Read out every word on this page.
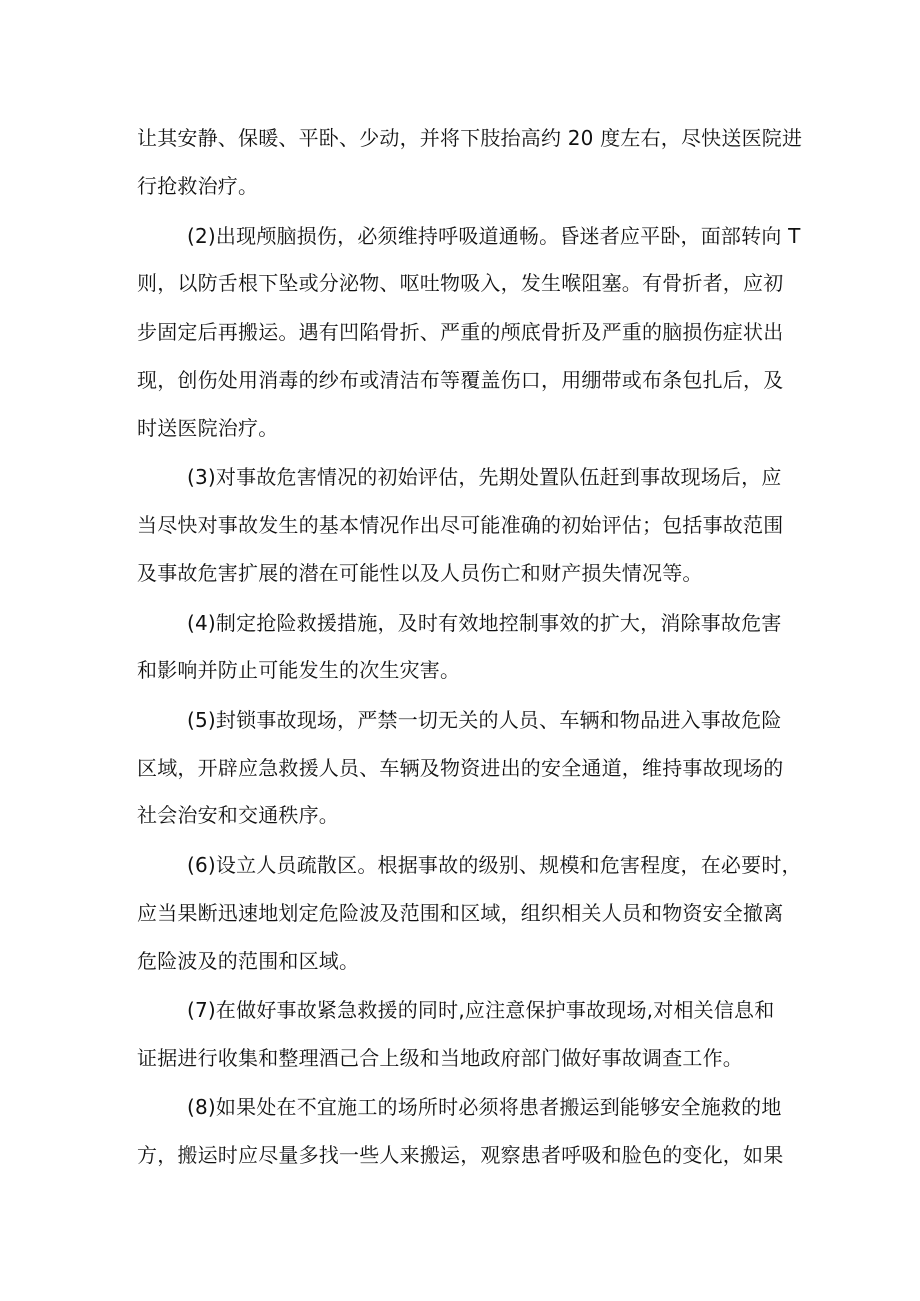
让其安静、保暖、平卧、少动，并将下肢抬高约 20 度左右，尽快送医院进
行抢救治疗。
(2)出现颅脑损伤，必须维持呼吸道通畅。昏迷者应平卧，面部转向 T
则，以防舌根下坠或分泌物、呕吐物吸入，发生喉阻塞。有骨折者，应初
步固定后再搬运。遇有凹陷骨折、严重的颅底骨折及严重的脑损伤症状出
现，创伤处用消毒的纱布或清洁布等覆盖伤口，用绷带或布条包扎后，及
时送医院治疗。
(3)对事故危害情况的初始评估，先期处置队伍赶到事故现场后，应
当尽快对事故发生的基本情况作出尽可能准确的初始评估；包括事故范围
及事故危害扩展的潜在可能性以及人员伤亡和财产损失情况等。
(4)制定抢险救援措施，及时有效地控制事效的扩大，消除事故危害
和影响并防止可能发生的次生灾害。
(5)封锁事故现场，严禁一切无关的人员、车辆和物品进入事故危险
区域，开辟应急救援人员、车辆及物资进出的安全通道，维持事故现场的
社会治安和交通秩序。
(6)设立人员疏散区。根据事故的级别、规模和危害程度，在必要时，
应当果断迅速地划定危险波及范围和区域，组织相关人员和物资安全撤离
危险波及的范围和区域。
(7)在做好事故紧急救援的同时,应注意保护事故现场,对相关信息和
证据进行收集和整理酒己合上级和当地政府部门做好事故调查工作。
(8)如果处在不宜施工的场所时必须将患者搬运到能够安全施救的地
方，搬运时应尽量多找一些人来搬运，观察患者呼吸和脸色的变化，如果
